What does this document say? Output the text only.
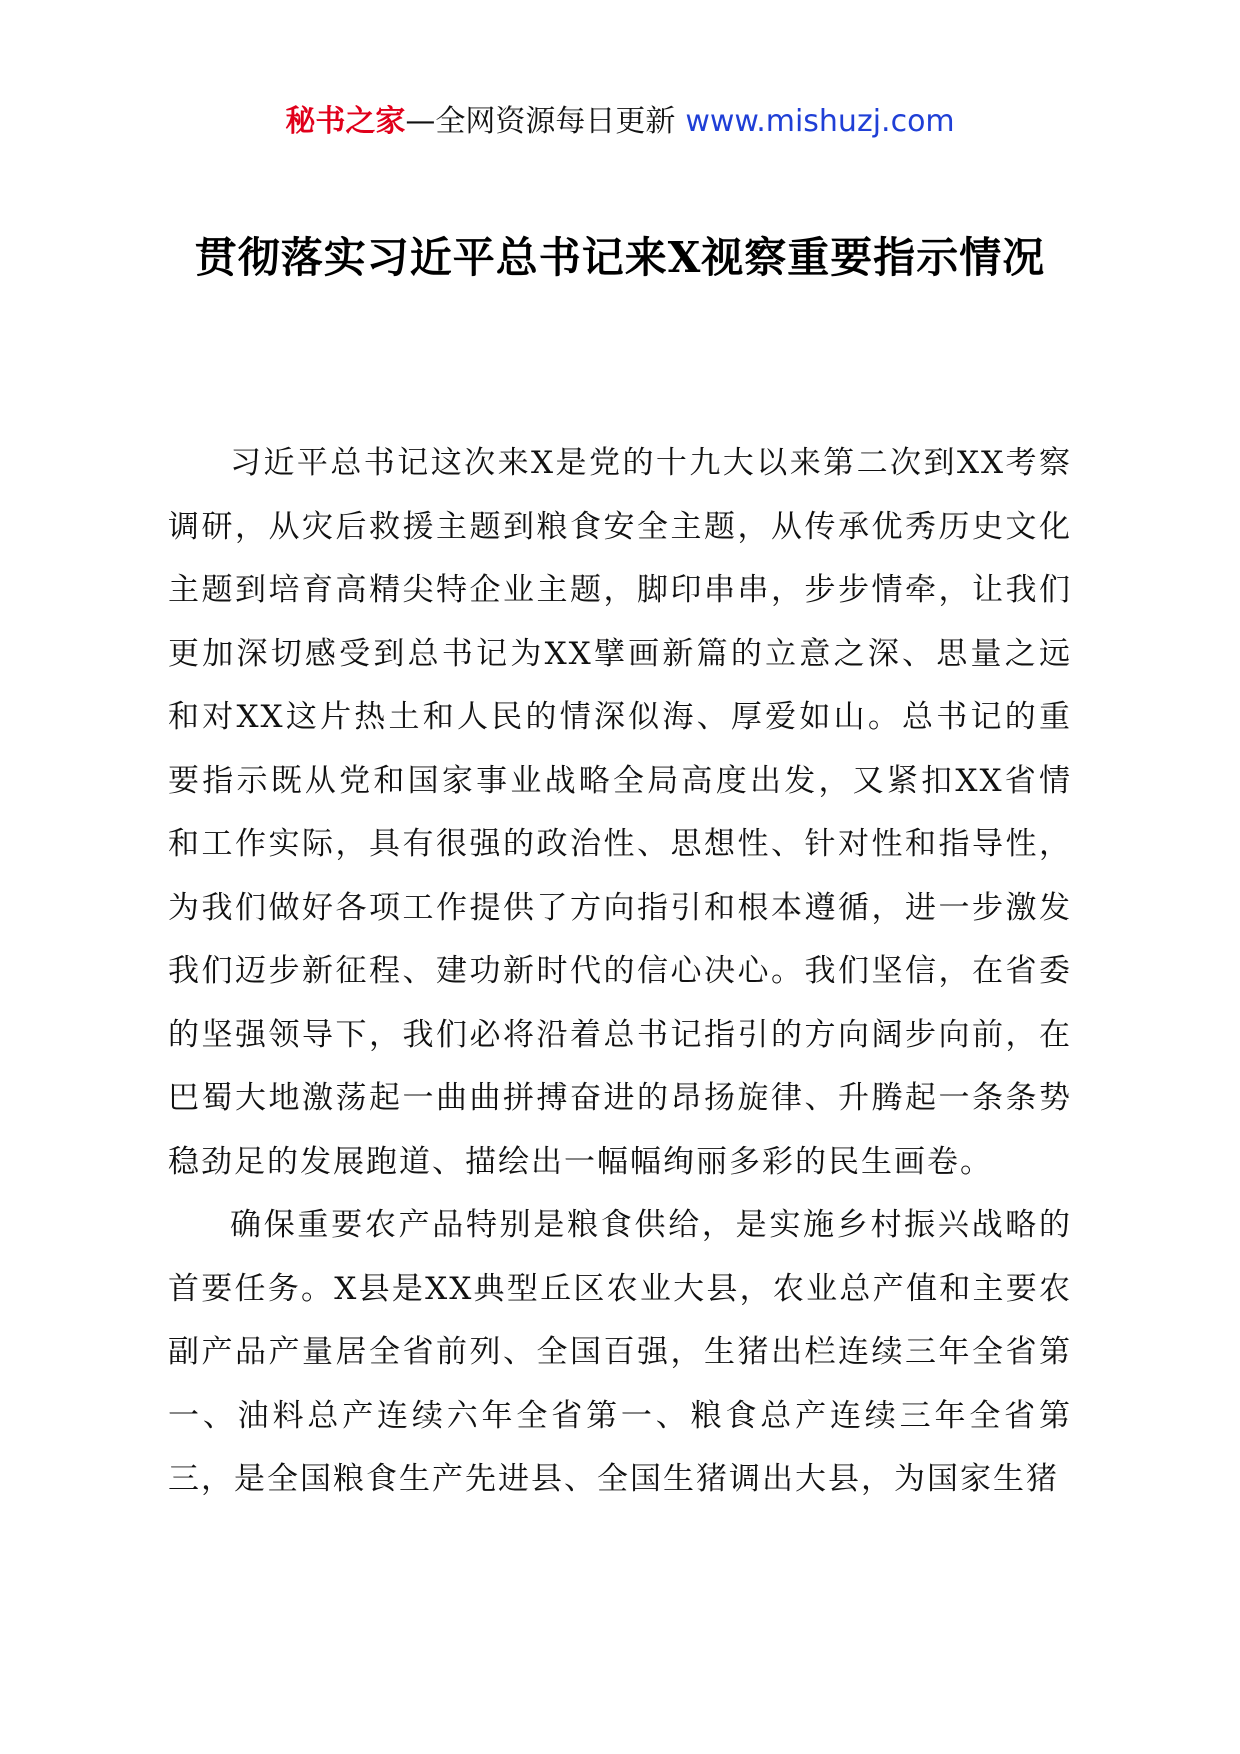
秘书之家—全网资源每日更新 www.mishuzj.com
贯彻落实习近平总书记来X视察重要指示情况

习近平总书记这次来X是党的十九大以来第二次到XX考察调研，从灾后救援主题到粮食安全主题，从传承优秀历史文化主题到培育高精尖特企业主题，脚印串串，步步情牵，让我们更加深切感受到总书记为XX擘画新篇的立意之深、思量之远和对XX这片热土和人民的情深似海、厚爱如山。总书记的重要指示既从党和国家事业战略全局高度出发，又紧扣XX省情和工作实际，具有很强的政治性、思想性、针对性和指导性，为我们做好各项工作提供了方向指引和根本遵循，进一步激发我们迈步新征程、建功新时代的信心决心。我们坚信，在省委的坚强领导下，我们必将沿着总书记指引的方向阔步向前，在巴蜀大地激荡起一曲曲拼搏奋进的昂扬旋律、升腾起一条条势稳劲足的发展跑道、描绘出一幅幅绚丽多彩的民生画卷。

确保重要农产品特别是粮食供给，是实施乡村振兴战略的首要任务。X县是XX典型丘区农业大县，农业总产值和主要农副产品产量居全省前列、全国百强，生猪出栏连续三年全省第一、油料总产连续六年全省第一、粮食总产连续三年全省第三，是全国粮食生产先进县、全国生猪调出大县，为国家生猪
